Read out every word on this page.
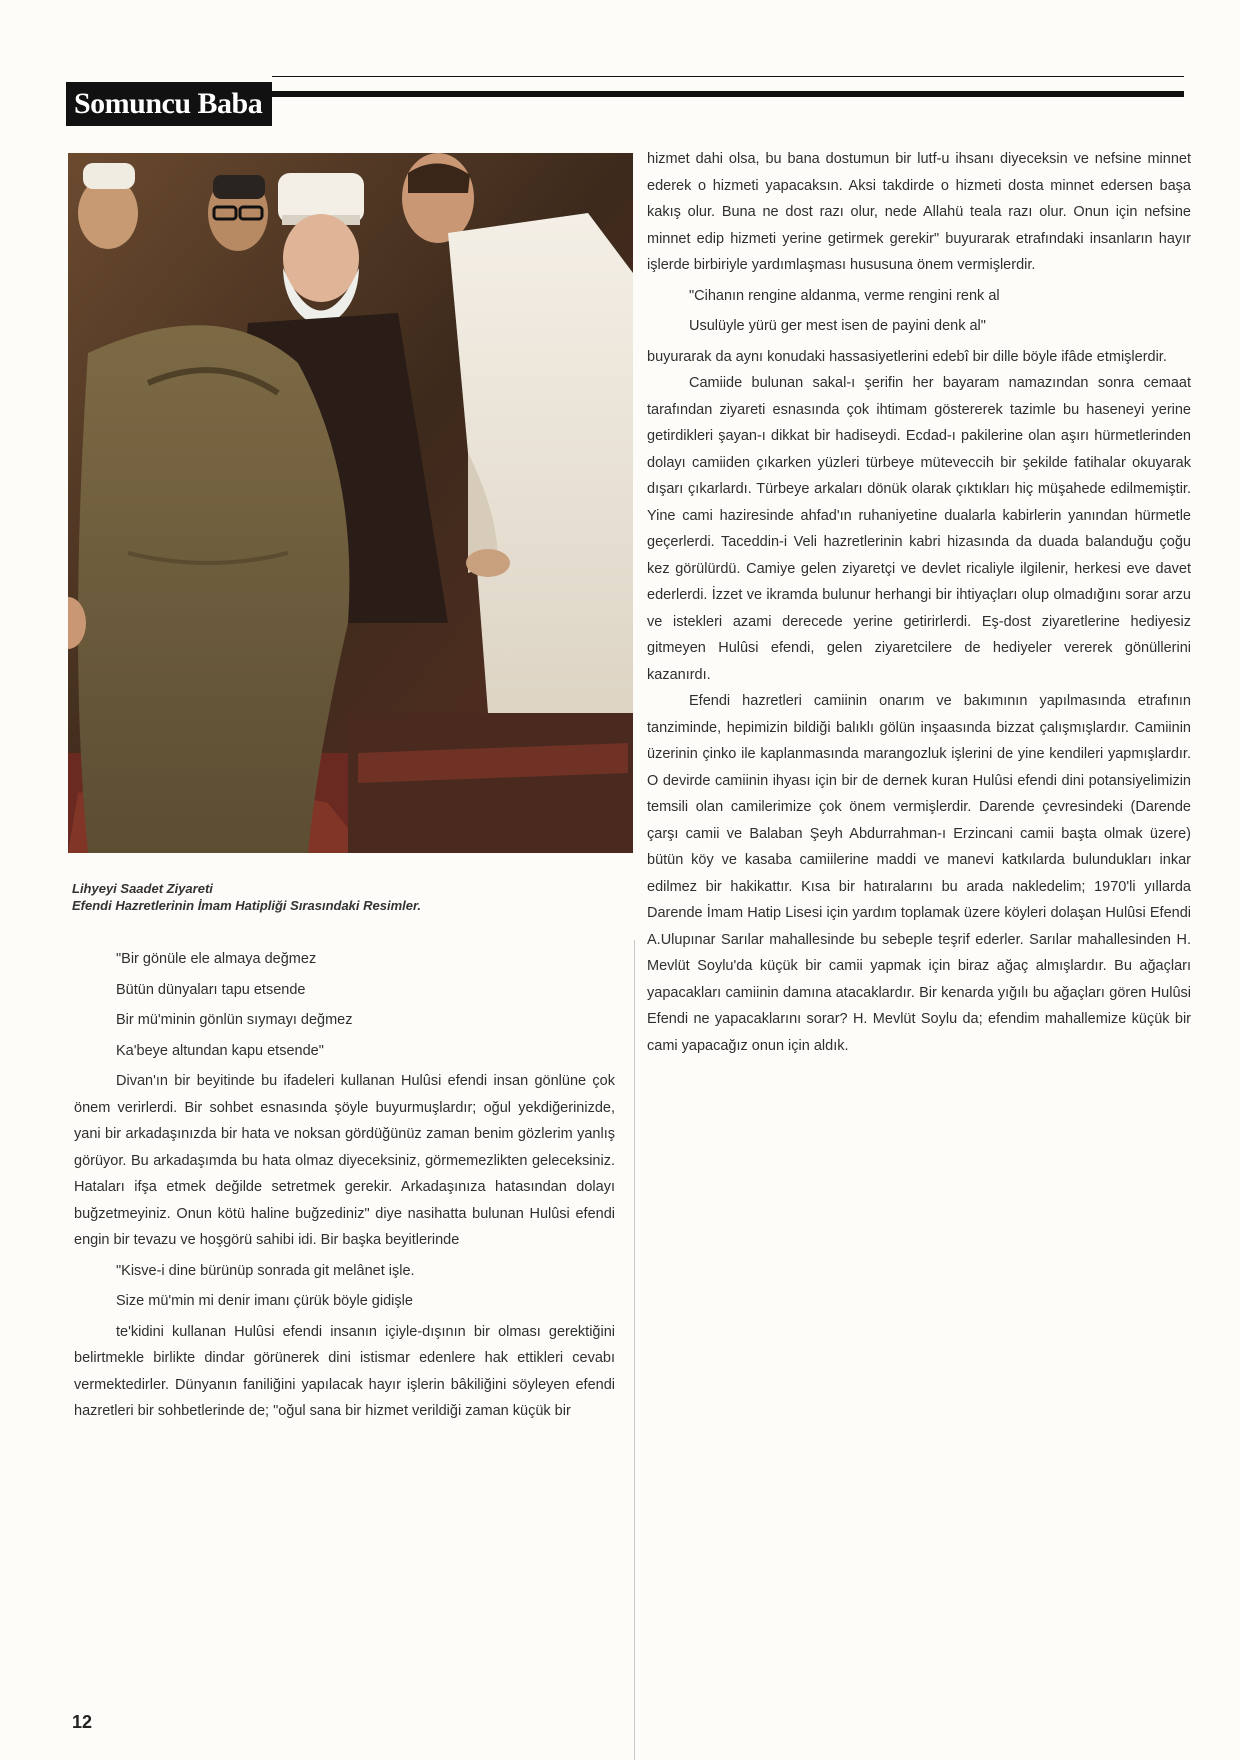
Somuncu Baba
Lihyeyi Saadet Ziyareti
Efendi Hazretlerinin İmam Hatipliği Sırasındaki Resimler.

"Bir gönüle ele almaya değmez

Bütün dünyaları tapu etsende

Bir mü'minin gönlün sıymayı değmez

Ka'beye altundan kapu etsende"

Divan'ın bir beyitinde bu ifadeleri kullanan Hulûsi efendi insan gönlüne çok önem verirlerdi. Bir sohbet esnasında şöyle buyurmuşlardır; oğul yekdiğerinizde, yani bir arkadaşınızda bir hata ve noksan gördüğünüz zaman benim gözlerim yanlış görüyor. Bu arkadaşımda bu hata olmaz diyeceksiniz, görmemezlikten geleceksiniz. Hataları ifşa etmek değilde setretmek gerekir. Arkadaşınıza hatasından dolayı buğzetmeyiniz. Onun kötü haline buğzediniz" diye nasihatta bulunan Hulûsi efendi engin bir tevazu ve hoşgörü sahibi idi. Bir başka beyitlerinde

"Kisve-i dine bürünüp sonrada git melânet işle.

Size mü'min mi denir imanı çürük böyle gidişle

te'kidini kullanan Hulûsi efendi insanın içiyle-dışının bir olması gerektiğini belirtmekle birlikte dindar görünerek dini istismar edenlere hak ettikleri cevabı vermektedirler. Dünyanın faniliğini yapılacak hayır işlerin bâkiliğini söyleyen efendi hazretleri bir sohbetlerinde de; "oğul sana bir hizmet verildiği zaman küçük bir

hizmet dahi olsa, bu bana dostumun bir lutf-u ihsanı diyeceksin ve nefsine minnet ederek o hizmeti yapacaksın. Aksi takdirde o hizmeti dosta minnet edersen başa kakış olur. Buna ne dost razı olur, nede Allahü teala razı olur. Onun için nefsine minnet edip hizmeti yerine getirmek gerekir" buyurarak etrafındaki insanların hayır işlerde birbiriyle yardımlaşması hususuna önem vermişlerdir.

"Cihanın rengine aldanma, verme rengini renk al

Usulüyle yürü ger mest isen de payini denk al"

buyurarak da aynı konudaki hassasiyetlerini edebî bir dille böyle ifâde etmişlerdir.

Camiide bulunan sakal-ı şerifin her bayaram namazından sonra cemaat tarafından ziyareti esnasında çok ihtimam göstererek tazimle bu haseneyi yerine getirdikleri şayan-ı dikkat bir hadiseydi. Ecdad-ı pakilerine olan aşırı hürmetlerinden dolayı camiiden çıkarken yüzleri türbeye müteveccih bir şekilde fatihalar okuyarak dışarı çıkarlardı. Türbeye arkaları dönük olarak çıktıkları hiç müşahede edilmemiştir. Yine cami haziresinde ahfad'ın ruhaniyetine dualarla kabirlerin yanından hürmetle geçerlerdi. Taceddin-i Veli hazretlerinin kabri hizasında da duada balanduğu çoğu kez görülürdü. Camiye gelen ziyaretçi ve devlet ricaliyle ilgilenir, herkesi eve davet ederlerdi. İzzet ve ikramda bulunur herhangi bir ihtiyaçları olup olmadığını sorar arzu ve istekleri azami derecede yerine getirirlerdi. Eş-dost ziyaretlerine hediyesiz gitmeyen Hulûsi efendi, gelen ziyaretcilere de hediyeler vererek gönüllerini kazanırdı.

Efendi hazretleri camiinin onarım ve bakımının yapılmasında etrafının tanziminde, hepimizin bildiği balıklı gölün inşaasında bizzat çalışmışlardır. Camiinin üzerinin çinko ile kaplanmasında marangozluk işlerini de yine kendileri yapmışlardır. O devirde camiinin ihyası için bir de dernek kuran Hulûsi efendi dini potansiyelimizin temsili olan camilerimize çok önem vermişlerdir. Darende çevresindeki (Darende çarşı camii ve Balaban Şeyh Abdurrahman-ı Erzincani camii başta olmak üzere) bütün köy ve kasaba camiilerine maddi ve manevi katkılarda bulundukları inkar edilmez bir hakikattır. Kısa bir hatıralarını bu arada nakledelim; 1970'li yıllarda Darende İmam Hatip Lisesi için yardım toplamak üzere köyleri dolaşan Hulûsi Efendi A.Ulupınar Sarılar mahallesinde bu sebeple teşrif ederler. Sarılar mahallesinden H. Mevlüt Soylu'da küçük bir camii yapmak için biraz ağaç almışlardır. Bu ağaçları yapacakları camiinin damına atacaklardır. Bir kenarda yığılı bu ağaçları gören Hulûsi Efendi ne yapacaklarını sorar? H. Mevlüt Soylu da; efendim mahallemize küçük bir cami yapacağız onun için aldık.

12
